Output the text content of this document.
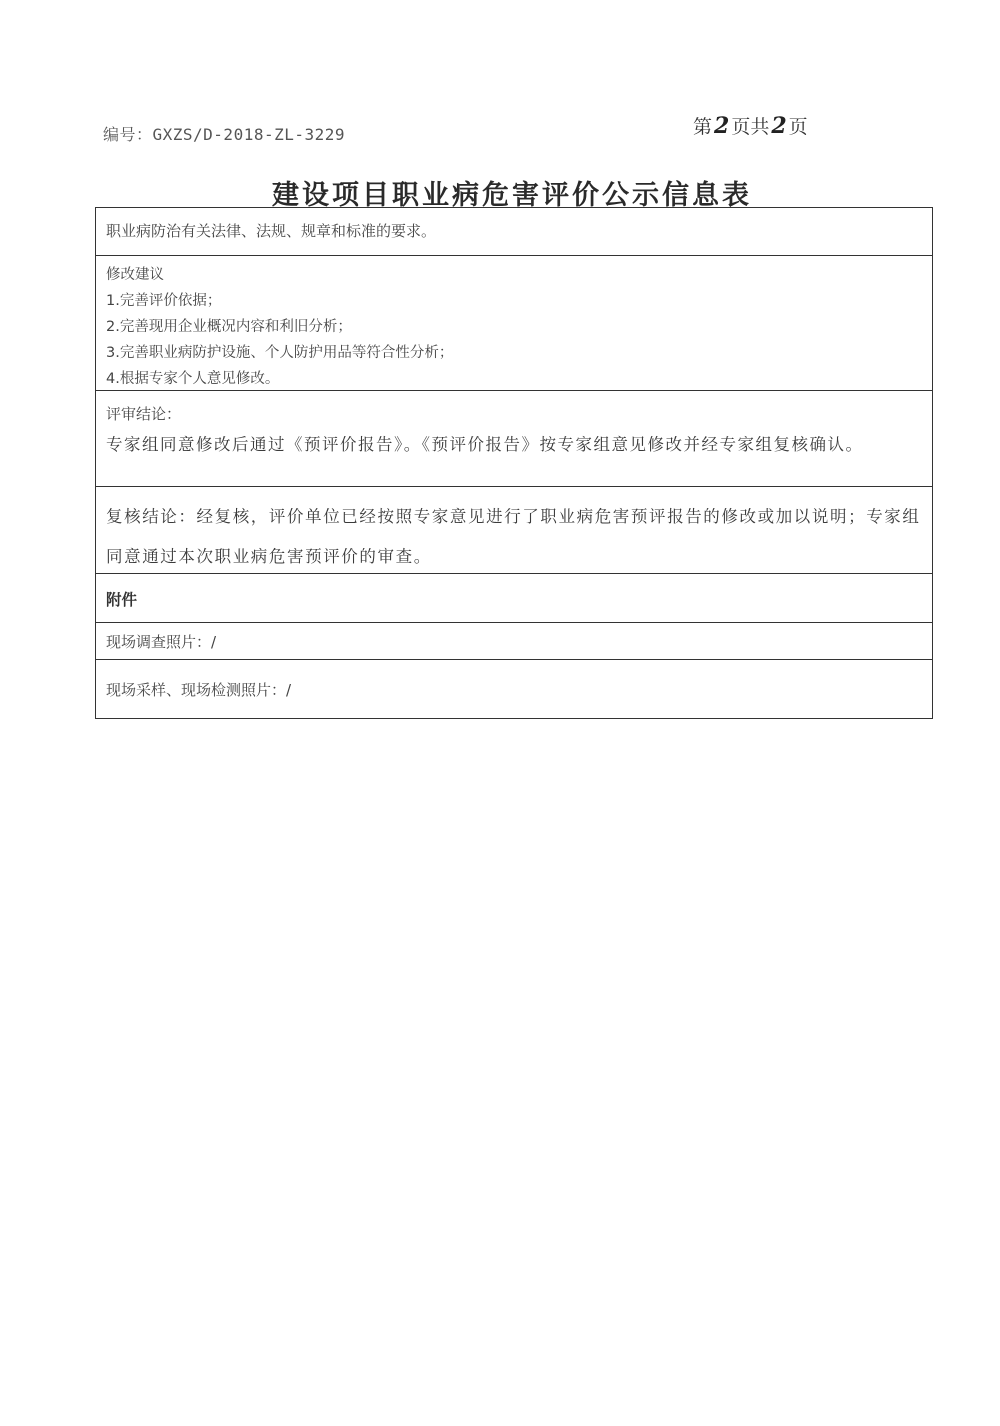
编号：GXZS/D-2018-ZL-3229	第2 页共2 页
建设项目职业病危害评价公示信息表
职业病防治有关法律、法规、规章和标准的要求。
修改建议
1.完善评价依据；
2.完善现用企业概况内容和利旧分析；
3.完善职业病防护设施、个人防护用品等符合性分析；
4.根据专家个人意见修改。
评审结论：
专家组同意修改后通过《预评价报告》。《预评价报告》按专家组意见修改并经专家组复核确认。
复核结论：经复核，评价单位已经按照专家意见进行了职业病危害预评报告的修改或加以说明；专家组同意通过本次职业病危害预评价的审查。
附件
现场调查照片：/
现场采样、现场检测照片：/
